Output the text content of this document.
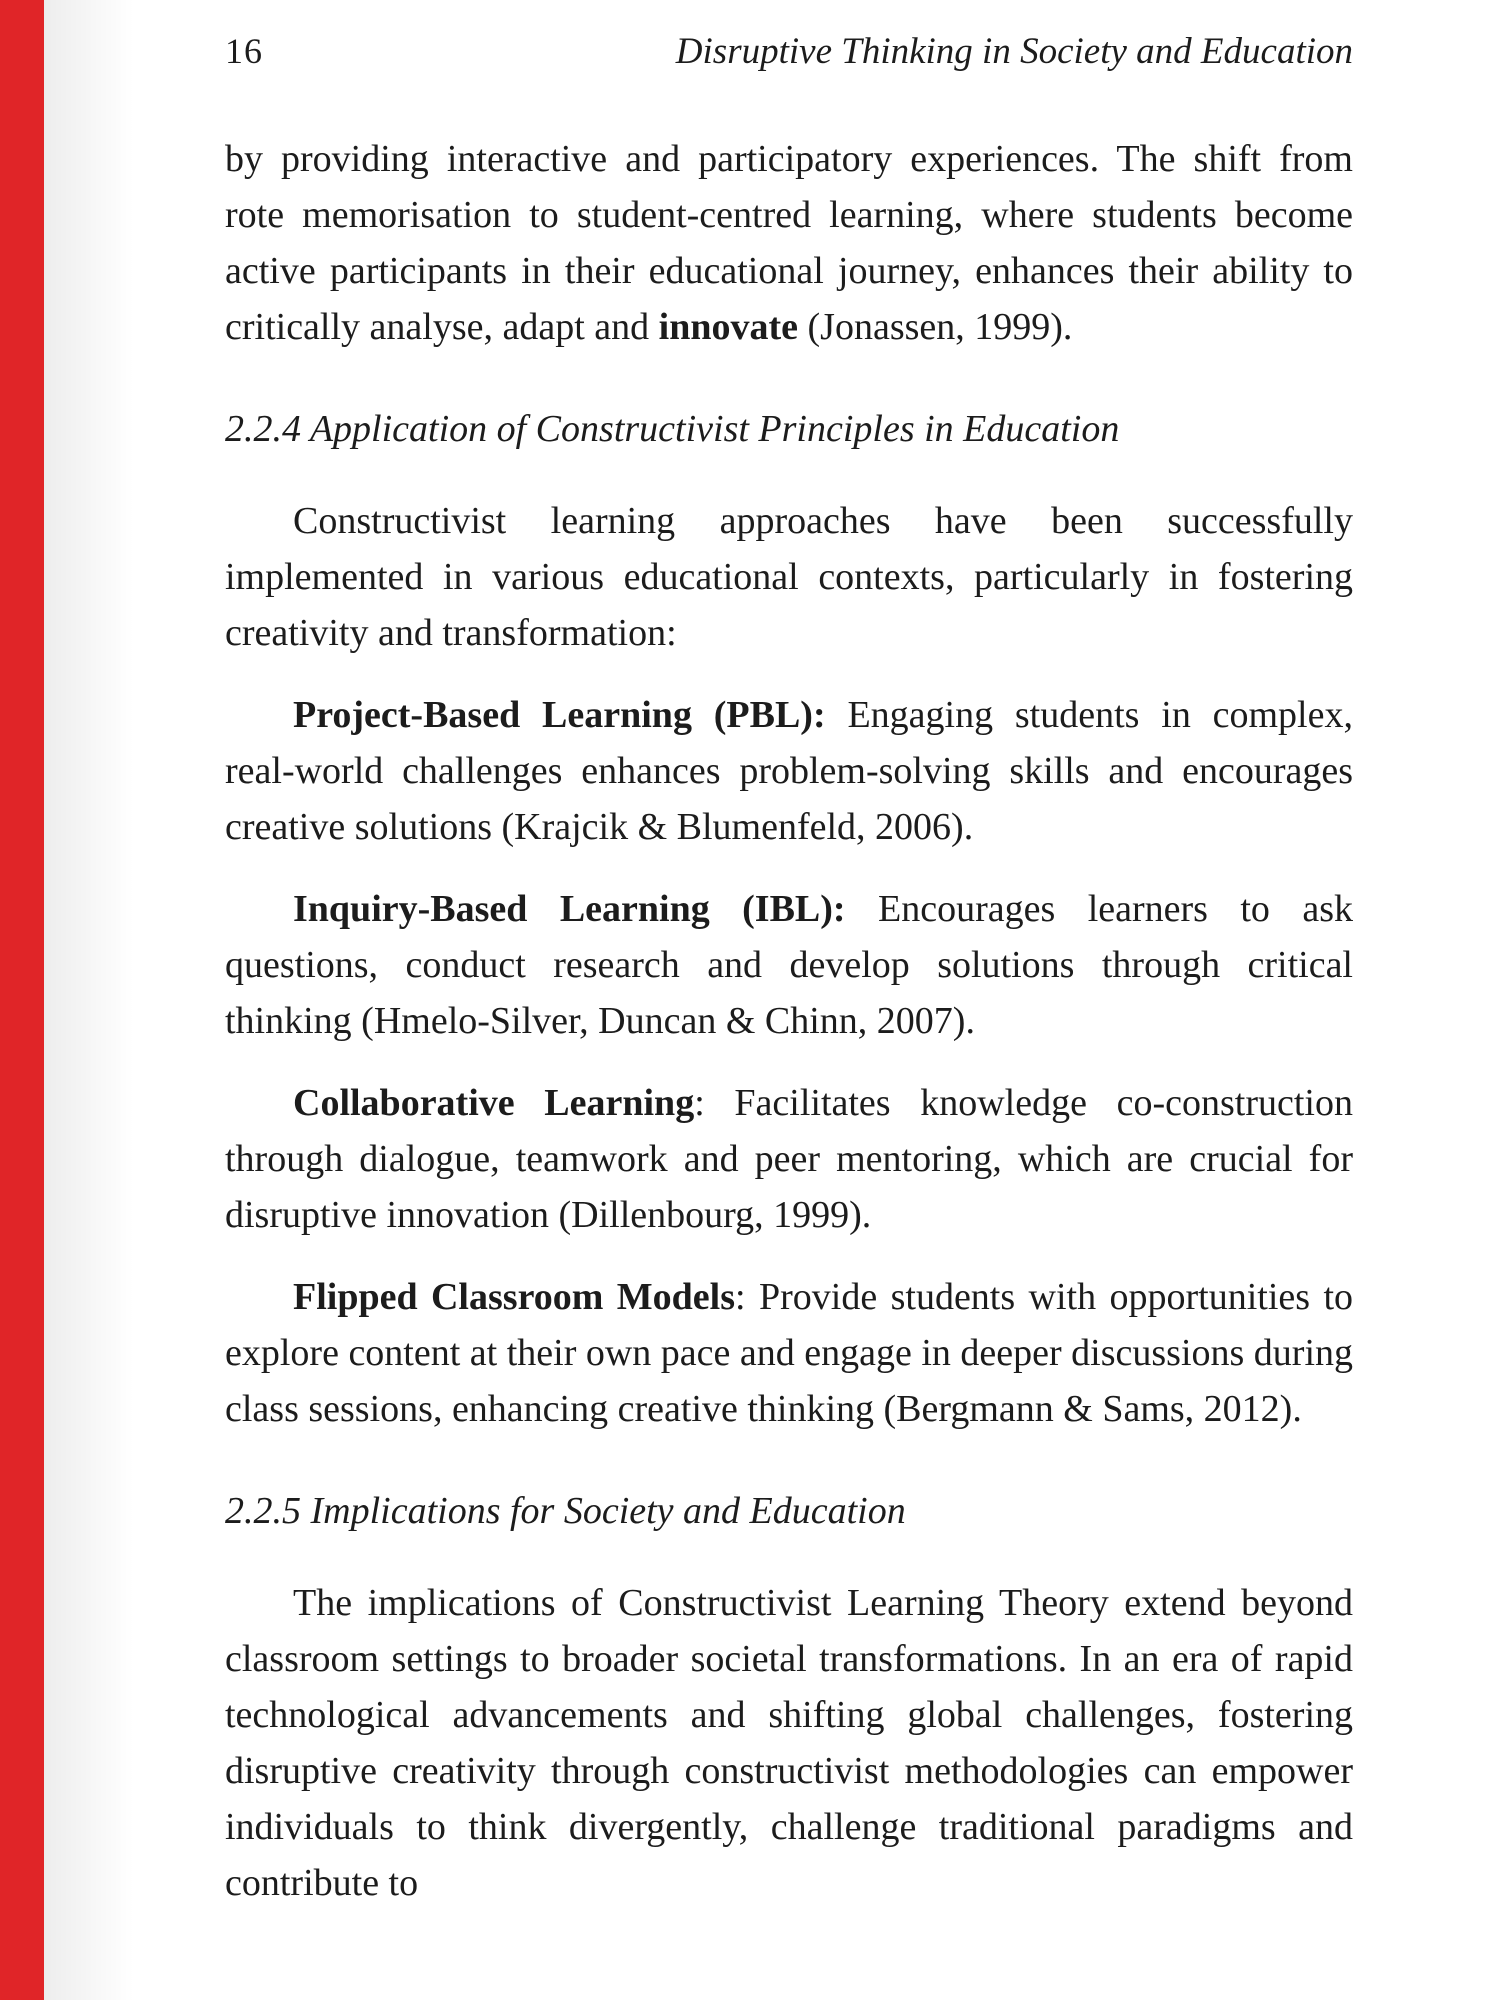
16	Disruptive Thinking in Society and Education
by providing interactive and participatory experiences. The shift from rote memorisation to student-centred learning, where students become active participants in their educational journey, enhances their ability to critically analyse, adapt and innovate (Jonassen, 1999).
2.2.4 Application of Constructivist Principles in Education
Constructivist learning approaches have been successfully implemented in various educational contexts, particularly in fostering creativity and transformation:
Project-Based Learning (PBL): Engaging students in complex, real-world challenges enhances problem-solving skills and encourages creative solutions (Krajcik & Blumenfeld, 2006).
Inquiry-Based Learning (IBL): Encourages learners to ask questions, conduct research and develop solutions through critical thinking (Hmelo-Silver, Duncan & Chinn, 2007).
Collaborative Learning: Facilitates knowledge co-construction through dialogue, teamwork and peer mentoring, which are crucial for disruptive innovation (Dillenbourg, 1999).
Flipped Classroom Models: Provide students with opportunities to explore content at their own pace and engage in deeper discussions during class sessions, enhancing creative thinking (Bergmann & Sams, 2012).
2.2.5 Implications for Society and Education
The implications of Constructivist Learning Theory extend beyond classroom settings to broader societal transformations. In an era of rapid technological advancements and shifting global challenges, fostering disruptive creativity through constructivist methodologies can empower individuals to think divergently, challenge traditional paradigms and contribute to
